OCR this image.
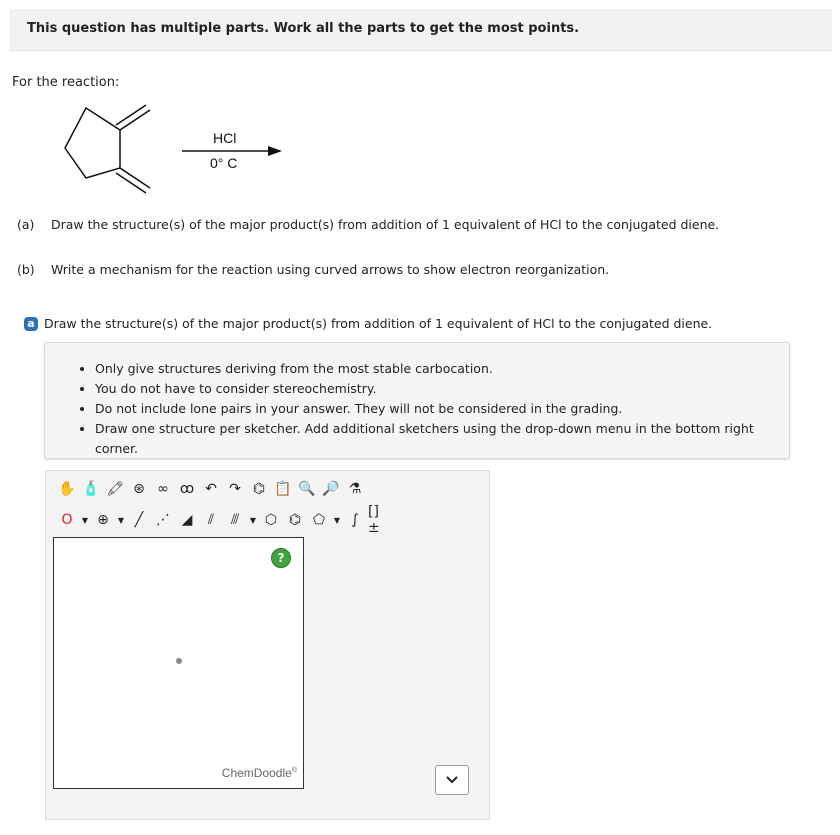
This question has multiple parts. Work all the parts to get the most points.
For the reaction:
HCl
0° C
(a) Draw the structure(s) of the major product(s) from addition of 1 equivalent of HCl to the conjugated diene.
(b) Write a mechanism for the reaction using curved arrows to show electron reorganization.
a Draw the structure(s) of the major product(s) from addition of 1 equivalent of HCl to the conjugated diene.
• Only give structures deriving from the most stable carbocation.
• You do not have to consider stereochemistry.
• Do not include lone pairs in your answer. They will not be considered in the grading.
• Draw one structure per sketcher. Add additional sketchers using the drop-down menu in the bottom right corner.
✋ 🧴 🖍 ⊛ ∞ ꝏ ↶ ↷ ⌬ 📋 🔍 🔎 ⚗
O	▼ ⊕	▼ ╱ ⋰ ◢	⫽	⫻	▼ ⬡ ⌬ ⬠	▼ ∫ []±
?
ChemDoodle®
